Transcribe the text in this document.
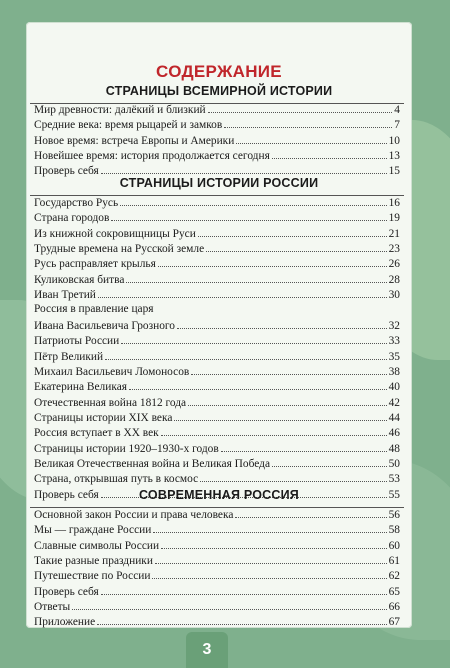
СОДЕРЖАНИЕ
СТРАНИЦЫ ВСЕМИРНОЙ ИСТОРИИ
Мир древности: далёкий и близкий	4
Средние века: время рыцарей и замков	7
Новое время: встреча Европы и Америки	10
Новейшее время: история продолжается сегодня	13
Проверь себя	15
СТРАНИЦЫ ИСТОРИИ РОССИИ
Государство Русь	16
Страна городов	19
Из книжной сокровищницы Руси	21
Трудные времена на Русской земле	23
Русь расправляет крылья	26
Куликовская битва	28
Иван Третий	30
Россия в правление царя
Ивана Васильевича Грозного	32
Патриоты России	33
Пётр Великий	35
Михаил Васильевич Ломоносов	38
Екатерина Великая	40
Отечественная война 1812 года	42
Страницы истории XIX века	44
Россия вступает в XX век	46
Страницы истории 1920–1930-х годов	48
Великая Отечественная война и Великая Победа	50
Страна, открывшая путь в космос	53
Проверь себя	55
СОВРЕМЕННАЯ РОССИЯ
Основной закон России и права человека	56
Мы — граждане России	58
Славные символы России	60
Такие разные праздники	61
Путешествие по России	62
Проверь себя	65
Ответы	66
Приложение	67
3
